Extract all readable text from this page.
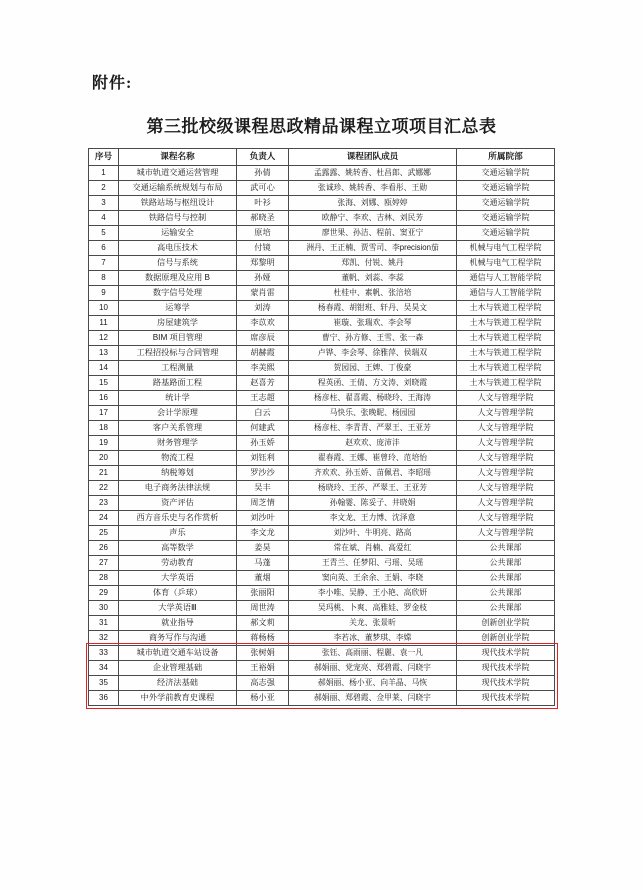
附件:
第三批校级课程思政精品课程立项项目汇总表
序号	课程名称	负责人	课程团队成员	所属院部
1	城市轨道交通运营管理	孙倩	孟露露、姚转香、杜昌郎、武娜娜	交通运输学院
2	交通运输系统规划与布局	武可心	张诚珍、姚转香、李看彤、王勋	交通运输学院
3	铁路站场与枢纽设计	叶衫	张海、刘娜、瓯婷婷	交通运输学院
4	铁路信号与控制	郝晓圣	欧静宁、李欢、吉林、刘民芳	交通运输学院
5	运输安全	原培	廖世果、孙洁、程前、窦亚宁	交通运输学院
6	高电压技术	付镜	洲丹、王正楠、贾雪司、李precision茄	机械与电气工程学院
7	信号与系统	郑黎明	郑凯、付锐、姚丹	机械与电气工程学院
8	数据原理及应用 B	孙娅	董帆、刘蕊、李蕊	通信与人工智能学院
9	数字信号处理	蒙肖雷	杜桂中、素帆、张涪培	通信与人工智能学院
10	运筹学	刘涛	杨春霞、胡钳班、轩丹、吴昊文	土木与铁道工程学院
11	房屋建筑学	李苡欢	崔璇、张瑞欢、李会琴	土木与铁道工程学院
12	BIM 项目管理	席彦辰	曹宁、孙方修、王雪、张一森	土木与铁道工程学院
13	工程招投标与合同管理	胡赫霞	卢铧、李会琴、徐雅萍、侯瑞双	土木与铁道工程学院
14	工程测量	李美熙	贺园园、王婢、丁俊豪	土木与铁道工程学院
15	路基路面工程	赵喜芳	程英函、王倩、方文涛、刘晓霞	土木与铁道工程学院
16	统计学	王志超	杨彦柱、翟喜霞、杨晓玲、王海涛	人文与管理学院
17	会计学原理	白云	马快乐、张晚昵、杨园园	人文与管理学院
18	客户关系管理	何建武	杨彦柱、李青青、严翠王、王亚芳	人文与管理学院
19	财务管理学	孙玉娇	赵欢欢、庞沛沣	人文与管理学院
20	物流工程	刘钰利	翟春霞、王娜、崔曾玲、范培怡	人文与管理学院
21	纳税筹划	罗沙沙	齐欢欢、孙玉娇、苗佩君、李昭瑶	人文与管理学院
22	电子商务法律法规	吴丰	杨晓玲、王莎、严翠王、王亚芳	人文与管理学院
23	资产评估	周芝情	孙翰霎、陈妥子、井晓娟	人文与管理学院
24	西方音乐史与名作赏析	刘沙叶	李文龙、王力博、沈泽意	人文与管理学院
25	声乐	李文龙	刘沙叶、牛明亮、路高	人文与管理学院
26	高等数学	姜昊	常在斌、肖楠、高爱红	公共课部
27	劳动教育	马蓬	王青兰、任梦阳、弓瑶、吴瑶	公共课部
28	大学英语	董烟	窦向英、王余余、王娟、李晓	公共课部
29	体育（乒球）	张丽阳	李小唯、吴静、王小艳、高欣妍	公共课部
30	大学英语Ⅲ	周世涛	吴玛桃、卜爽、高雅娃、罗金枝	公共课部
31	就业指导	郝文莉	关龙、张景昕	创新创业学院
32	商务写作与沟通	蒋杨杨	李若冰、董梦琪、李嫦	创新创业学院
33	城市轨道交通车站设备	张树娟	张钰、高雨丽、程麗、袁一凡	现代技术学院
34	企业管理基础	王裕娟	郝娟丽、党宠亮、郑碧霞、闫晓宇	现代技术学院
35	经济法基础	高志强	郝娟丽、杨小亚、向羊晶、马恢	现代技术学院
36	中外学前教育史课程	杨小亚	郝娟丽、郑碧霞、佥甲莱、闫晓宇	现代技术学院
